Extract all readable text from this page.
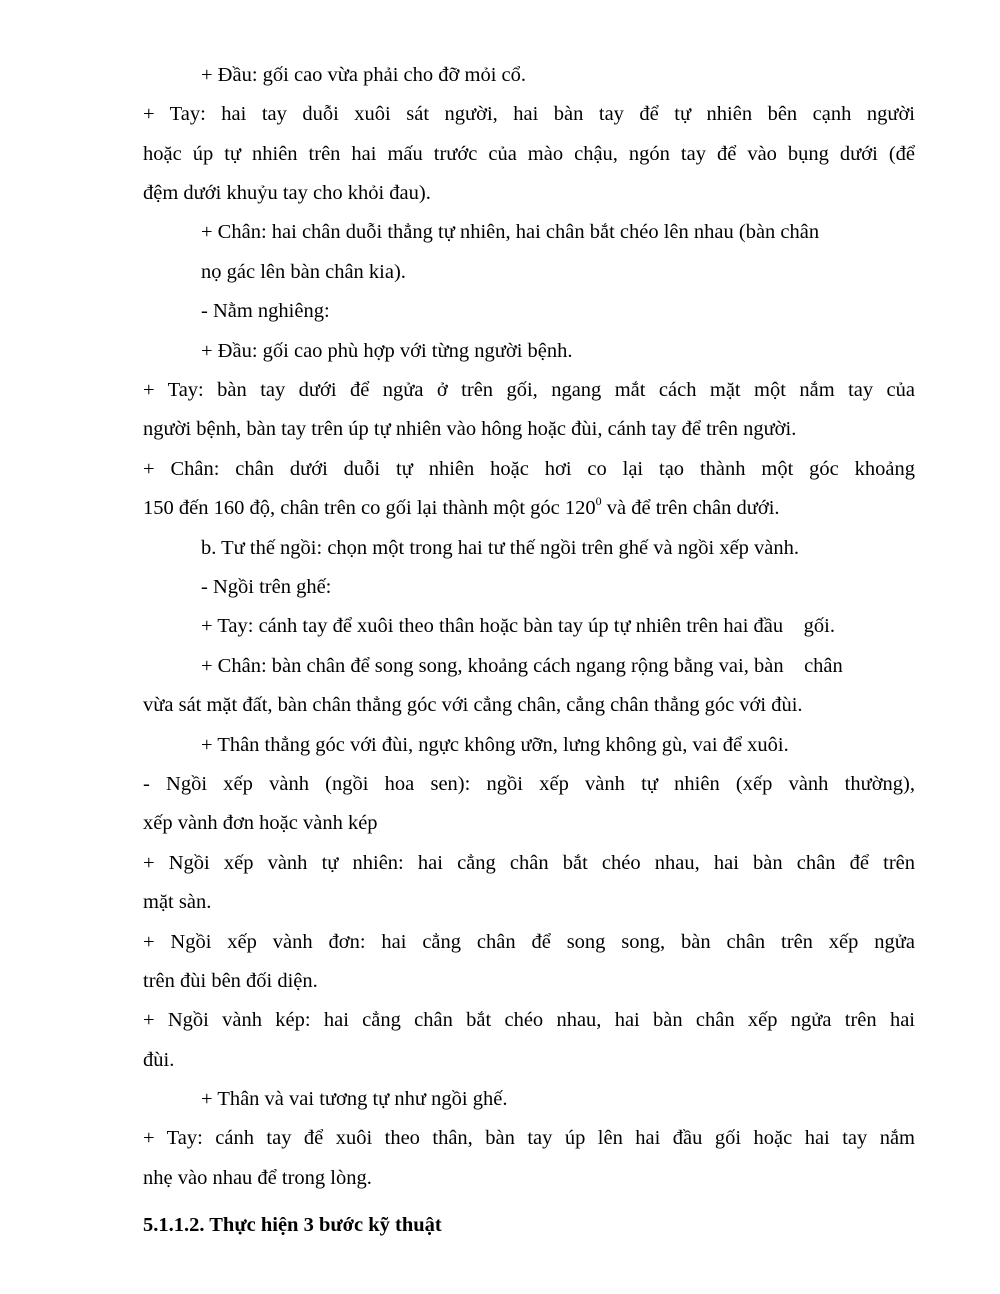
+ Đầu: gối cao vừa phải cho đỡ mỏi cổ.
+ Tay: hai tay duỗi xuôi sát người, hai bàn tay để tự nhiên bên cạnh người
hoặc úp tự nhiên trên hai mấu trước của mào chậu, ngón tay để vào bụng dưới (để
đệm dưới khuỷu tay cho khỏi đau).
+ Chân: hai chân duỗi thẳng tự nhiên, hai chân bắt chéo lên nhau (bàn chân
nọ gác lên bàn chân kia).
- Nằm nghiêng:
+ Đầu: gối cao phù hợp với từng người bệnh.
+ Tay: bàn tay dưới để ngửa ở trên gối, ngang mắt cách mặt một nắm tay của
người bệnh, bàn tay trên úp tự nhiên vào hông hoặc đùi, cánh tay để trên người.
+ Chân: chân dưới duỗi tự nhiên hoặc hơi co lại tạo thành một góc khoảng
150 đến 160 độ, chân trên co gối lại thành một góc $120^0$ và để trên chân dưới.
b. Tư thế ngồi: chọn một trong hai tư thế ngồi trên ghế và ngồi xếp vành.
- Ngồi trên ghế:
+ Tay: cánh tay để xuôi theo thân hoặc bàn tay úp tự nhiên trên hai đầu    gối.
+ Chân: bàn chân để song song, khoảng cách ngang rộng bằng vai, bàn    chân
vừa sát mặt đất, bàn chân thẳng góc với cẳng chân, cẳng chân thẳng góc với đùi.
+ Thân thẳng góc với đùi, ngực không ưỡn, lưng không gù, vai để xuôi.
- Ngồi xếp vành (ngồi hoa sen): ngồi xếp vành tự nhiên (xếp vành thường),
xếp vành đơn hoặc vành kép
+ Ngồi xếp vành tự nhiên: hai cẳng chân bắt chéo nhau, hai bàn chân để trên
mặt sàn.
+ Ngồi xếp vành đơn: hai cẳng chân để song song, bàn chân trên xếp ngửa
trên đùi bên đối diện.
+ Ngồi vành kép: hai cẳng chân bắt chéo nhau, hai bàn chân xếp ngửa trên hai
đùi.
+ Thân và vai tương tự như ngồi ghế.
+ Tay: cánh tay để xuôi theo thân, bàn tay úp lên hai đầu gối hoặc hai tay nắm
nhẹ vào nhau để trong lòng.
5.1.1.2. Thực hiện 3 bước kỹ thuật
